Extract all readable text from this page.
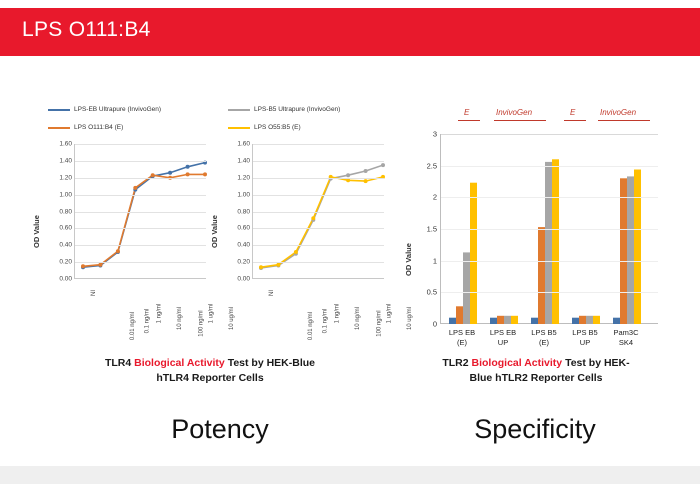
LPS O111:B4
LPS-EB Ultrapure (InvivoGen)
LPS O111:B4 (E)
LPS-B5 Ultrapure (InvivoGen)
LPS O55:B5 (E)
OD Value
1.60
1.40
1.20
1.00
0.80
0.60
0.40
0.20
0.00
NI
0.01 ng/ml 0.1 ng/ml 1 ng/ml 10 ng/ml	100 ng/ml 1 ug/ml 10 ug/ml
OD Value
1.60
1.40
1.20
1.00
0.80
0.60
0.40
0.20
0.00
NI
0.01 ng/ml 0.1 ng/ml 1 ng/ml 10 ng/ml	100 ng/ml 1 ug/ml 10 ug/ml
E	InvivoGen	E	InvivoGen
OD Value
3
2.5
2
1.5
1
0.5
0
LPS EB
(E)
LPS EB
UP
LPS B5
(E)
LPS B5
UP
Pam3C
SK4
TLR4 Biological Activity Test by HEK-Blue
hTLR4 Reporter Cells
TLR2 Biological Activity Test by HEK-
Blue hTLR2 Reporter Cells
Potency	Specificity
